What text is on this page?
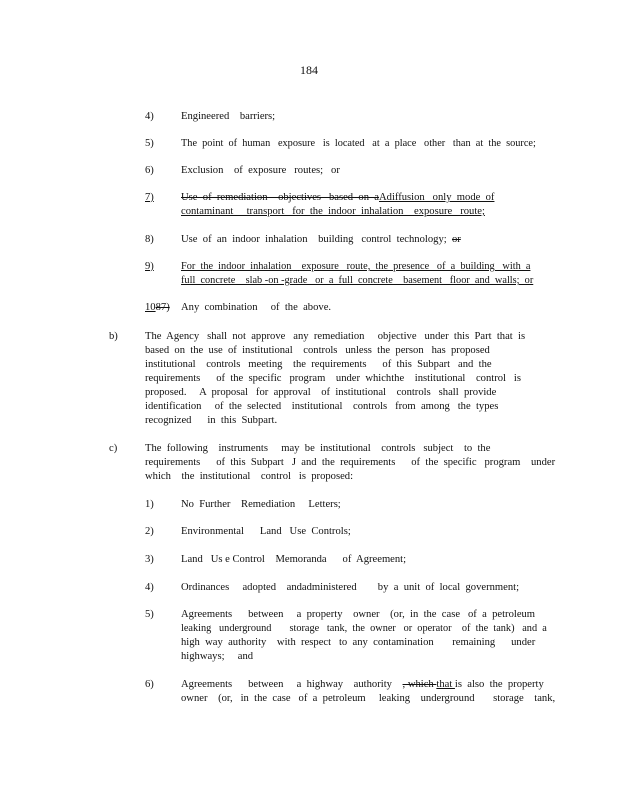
184
4)	Engineered    barriers;
5)	The  point  of  human   exposure   is  located   at  a  place   other   than  at  the  source;
6)	Exclusion    of  exposure   routes;   or
7)	Use  of  remediation    objectives   based  on  aAdiffusion   only  mode  of
contaminant     transport   for  the  indoor  inhalation    exposure   route;
8)	Use  of  an  indoor  inhalation    building   control  technology;  or
9)	For  the  indoor  inhalation    exposure   route,  the  presence   of  a  building   with  a
full  concrete    slab -on -grade   or  a  full  concrete    basement   floor  and  walls;  or
1087) Any  combination     of  the  above.
b)	The  Agency   shall  not  approve   any  remediation     objective   under  this  Part  that  is
based  on  the  use  of  institutional    controls   unless  the  person   has  proposed
institutional    controls   meeting    the  requirements      of  this  Subpart   and  the
requirements      of  the  specific   program    under  whichthe    institutional    control   is
proposed.     A  proposal   for  approval    of  institutional    controls   shall  provide
identification     of  the  selected    institutional    controls   from  among   the  types
recognized      in  this  Subpart.
c)	The  following    instruments     may  be  institutional    controls   subject    to  the
requirements      of  this  Subpart   J  and  the  requirements      of  the  specific   program    under
which    the  institutional    control   is  proposed:
1)	No  Further    Remediation     Letters;
2)	Environmental      Land   Use  Controls;
3)	Land   Us e Control    Memoranda      of  Agreement;
4)	Ordinances     adopted    andadministered        by  a  unit  of  local  government;
5)	Agreements      between     a  property    owner    (or,  in  the  case   of  a  petroleum
leaking   underground       storage   tank,  the  owner   or  operator    of  the  tank)   and  a
high  way  authority    with  respect   to  any  contamination       remaining      under
highways;     and
6)	Agreements      between     a  highway    authority    , which that is  also  the  property
owner    (or,   in  the  case   of  a  petroleum     leaking    underground       storage    tank,
